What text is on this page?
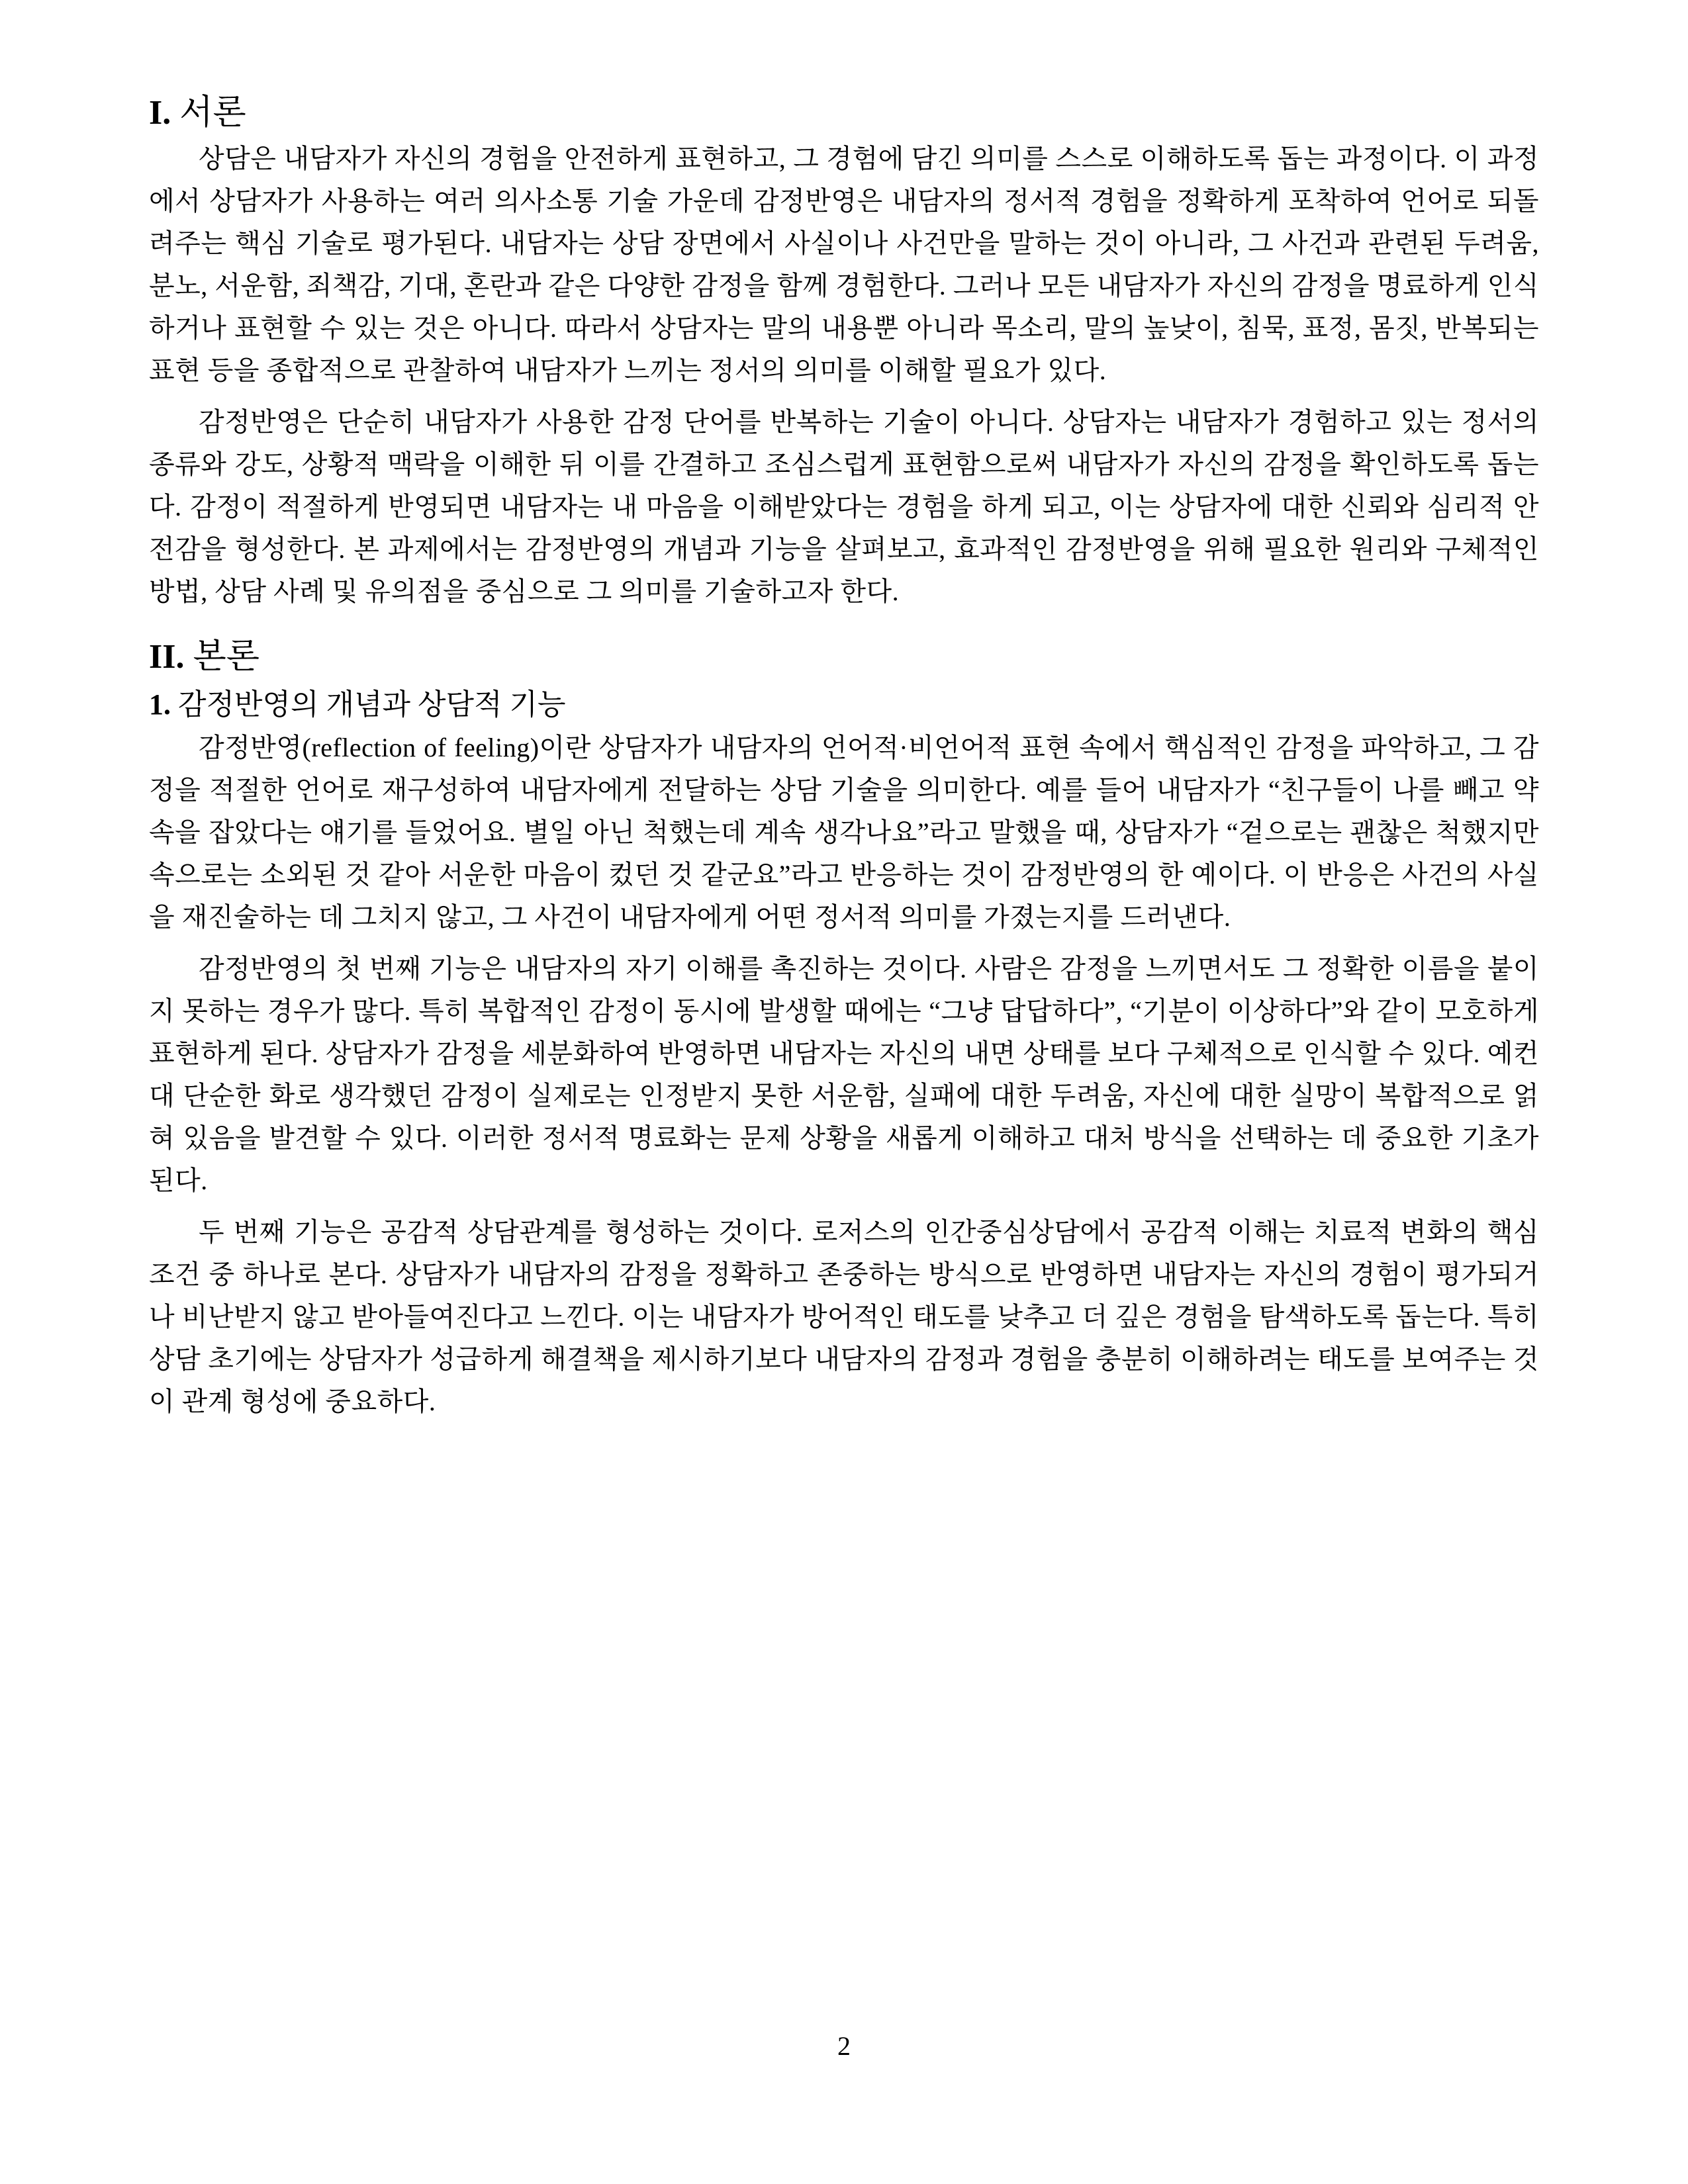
I. 서론

상담은 내담자가 자신의 경험을 안전하게 표현하고, 그 경험에 담긴 의미를 스스로 이해하도록 돕는 과정이다. 이 과정에서 상담자가 사용하는 여러 의사소통 기술 가운데 감정반영은 내담자의 정서적 경험을 정확하게 포착하여 언어로 되돌려주는 핵심 기술로 평가된다. 내담자는 상담 장면에서 사실이나 사건만을 말하는 것이 아니라, 그 사건과 관련된 두려움, 분노, 서운함, 죄책감, 기대, 혼란과 같은 다양한 감정을 함께 경험한다. 그러나 모든 내담자가 자신의 감정을 명료하게 인식하거나 표현할 수 있는 것은 아니다. 따라서 상담자는 말의 내용뿐 아니라 목소리, 말의 높낮이, 침묵, 표정, 몸짓, 반복되는 표현 등을 종합적으로 관찰하여 내담자가 느끼는 정서의 의미를 이해할 필요가 있다.

감정반영은 단순히 내담자가 사용한 감정 단어를 반복하는 기술이 아니다. 상담자는 내담자가 경험하고 있는 정서의 종류와 강도, 상황적 맥락을 이해한 뒤 이를 간결하고 조심스럽게 표현함으로써 내담자가 자신의 감정을 확인하도록 돕는다. 감정이 적절하게 반영되면 내담자는 내 마음을 이해받았다는 경험을 하게 되고, 이는 상담자에 대한 신뢰와 심리적 안전감을 형성한다. 본 과제에서는 감정반영의 개념과 기능을 살펴보고, 효과적인 감정반영을 위해 필요한 원리와 구체적인 방법, 상담 사례 및 유의점을 중심으로 그 의미를 기술하고자 한다.

II. 본론
1. 감정반영의 개념과 상담적 기능

감정반영(reflection of feeling)이란 상담자가 내담자의 언어적·비언어적 표현 속에서 핵심적인 감정을 파악하고, 그 감정을 적절한 언어로 재구성하여 내담자에게 전달하는 상담 기술을 의미한다. 예를 들어 내담자가 “친구들이 나를 빼고 약속을 잡았다는 얘기를 들었어요. 별일 아닌 척했는데 계속 생각나요”라고 말했을 때, 상담자가 “겉으로는 괜찮은 척했지만 속으로는 소외된 것 같아 서운한 마음이 컸던 것 같군요”라고 반응하는 것이 감정반영의 한 예이다. 이 반응은 사건의 사실을 재진술하는 데 그치지 않고, 그 사건이 내담자에게 어떤 정서적 의미를 가졌는지를 드러낸다.

감정반영의 첫 번째 기능은 내담자의 자기 이해를 촉진하는 것이다. 사람은 감정을 느끼면서도 그 정확한 이름을 붙이지 못하는 경우가 많다. 특히 복합적인 감정이 동시에 발생할 때에는 “그냥 답답하다”, “기분이 이상하다”와 같이 모호하게 표현하게 된다. 상담자가 감정을 세분화하여 반영하면 내담자는 자신의 내면 상태를 보다 구체적으로 인식할 수 있다. 예컨대 단순한 화로 생각했던 감정이 실제로는 인정받지 못한 서운함, 실패에 대한 두려움, 자신에 대한 실망이 복합적으로 얽혀 있음을 발견할 수 있다. 이러한 정서적 명료화는 문제 상황을 새롭게 이해하고 대처 방식을 선택하는 데 중요한 기초가 된다.

두 번째 기능은 공감적 상담관계를 형성하는 것이다. 로저스의 인간중심상담에서 공감적 이해는 치료적 변화의 핵심 조건 중 하나로 본다. 상담자가 내담자의 감정을 정확하고 존중하는 방식으로 반영하면 내담자는 자신의 경험이 평가되거나 비난받지 않고 받아들여진다고 느낀다. 이는 내담자가 방어적인 태도를 낮추고 더 깊은 경험을 탐색하도록 돕는다. 특히 상담 초기에는 상담자가 성급하게 해결책을 제시하기보다 내담자의 감정과 경험을 충분히 이해하려는 태도를 보여주는 것이 관계 형성에 중요하다.

2
